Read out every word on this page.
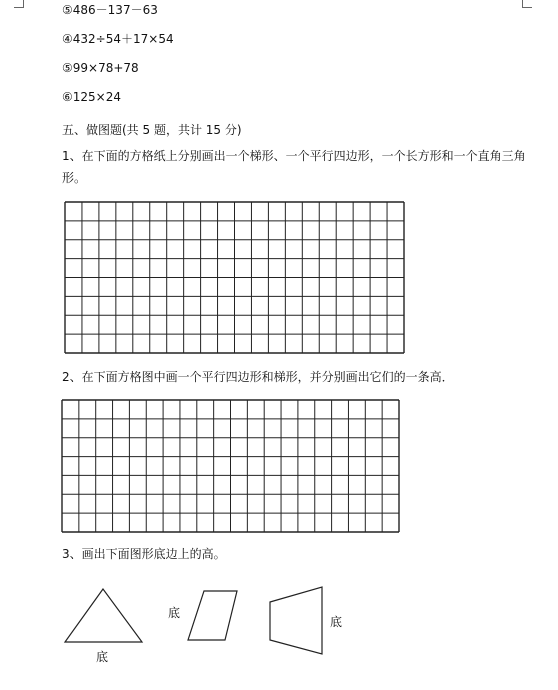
⑤486－137－63
④432÷54＋17×54
⑤99×78+78
⑥125×24
五、做图题(共 5 题，共计 15 分)
1、在下面的方格纸上分别画出一个梯形、一个平行四边形，一个长方形和一个直角三角形。
2、在下面方格图中画一个平行四边形和梯形，并分别画出它们的一条高．
3、画出下面图形底边上的高。
底
底
底
